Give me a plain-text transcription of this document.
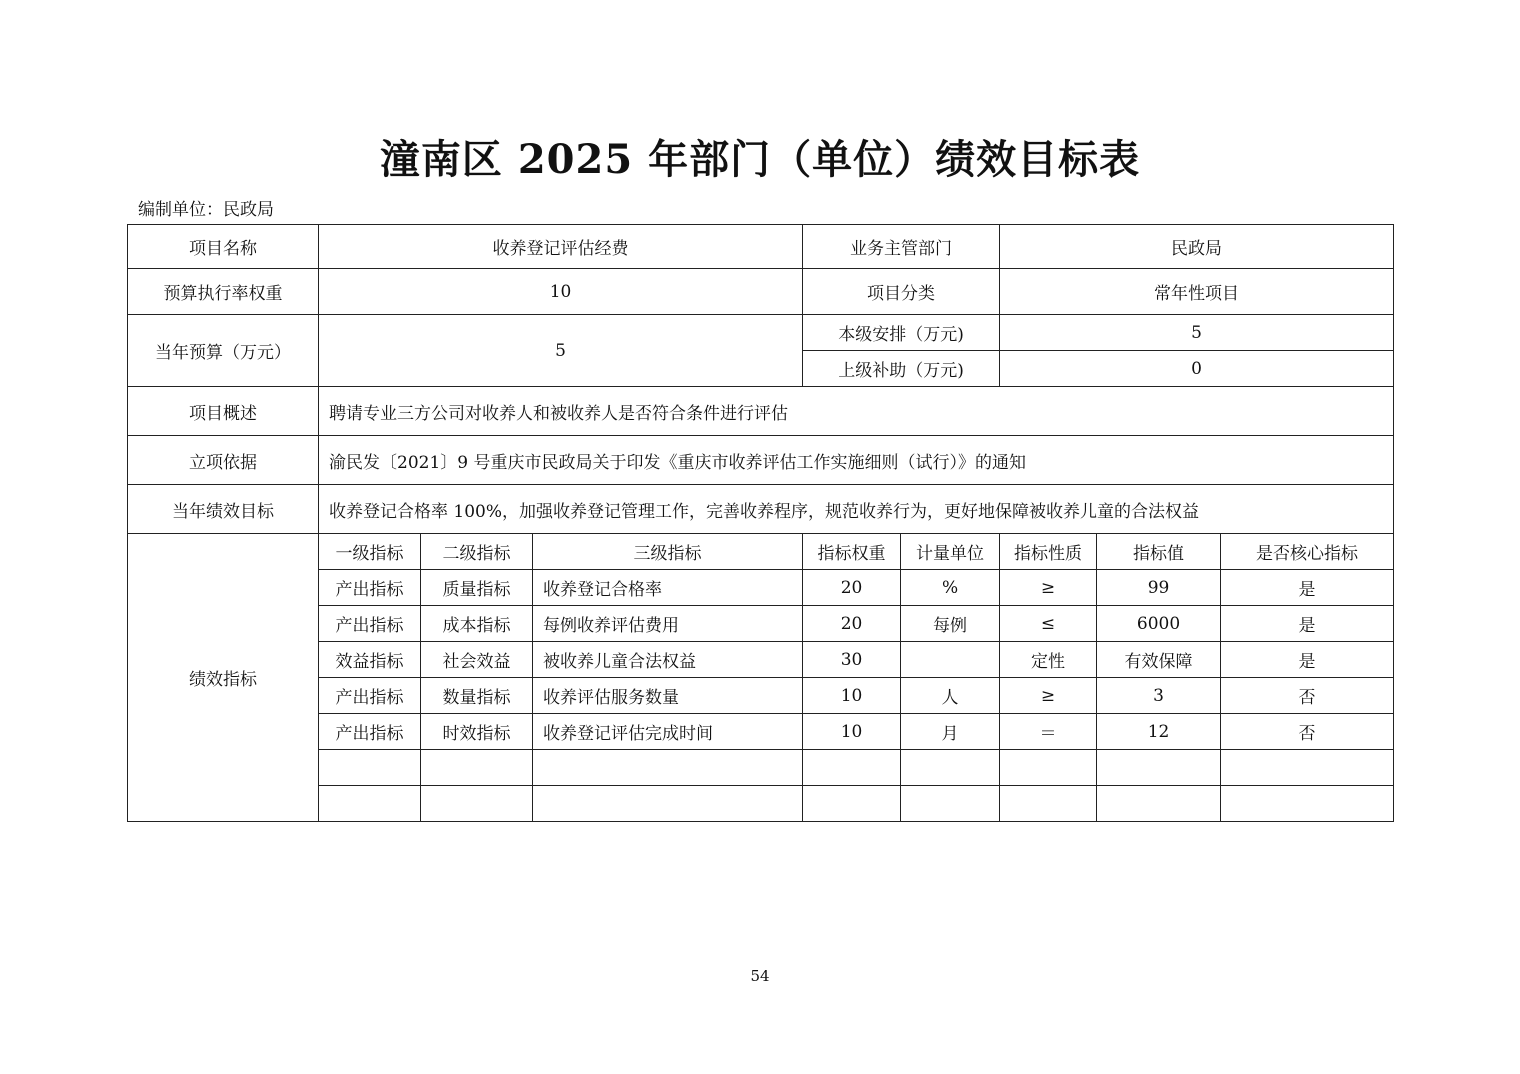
潼南区 2025 年部门（单位）绩效目标表
编制单位：民政局
项目名称	收养登记评估经费			业务主管部门		民政局		
预算执行率权重	10			项目分类		常年性项目		
当年预算（万元）	5			本级安排（万元)		5		
				上级补助（万元)		0		
项目概述	聘请专业三方公司对收养人和被收养人是否符合条件进行评估							
立项依据	渝民发〔2021〕9 号重庆市民政局关于印发《重庆市收养评估工作实施细则（试行）》的通知							
当年绩效目标	收养登记合格率 100%，加强收养登记管理工作，完善收养程序，规范收养行为，更好地保障被收养儿童的合法权益							
绩效指标	一级指标	二级指标	三级指标	指标权重	计量单位	指标性质	指标值	是否核心指标
	产出指标	质量指标	收养登记合格率	20	%	≥	99	是
	产出指标	成本指标	每例收养评估费用	20	每例	≤	6000	是
	效益指标	社会效益	被收养儿童合法权益	30		定性	有效保障	是
	产出指标	数量指标	收养评估服务数量	10	人	≥	3	否
	产出指标	时效指标	收养登记评估完成时间	10	月	＝	12	否

54
